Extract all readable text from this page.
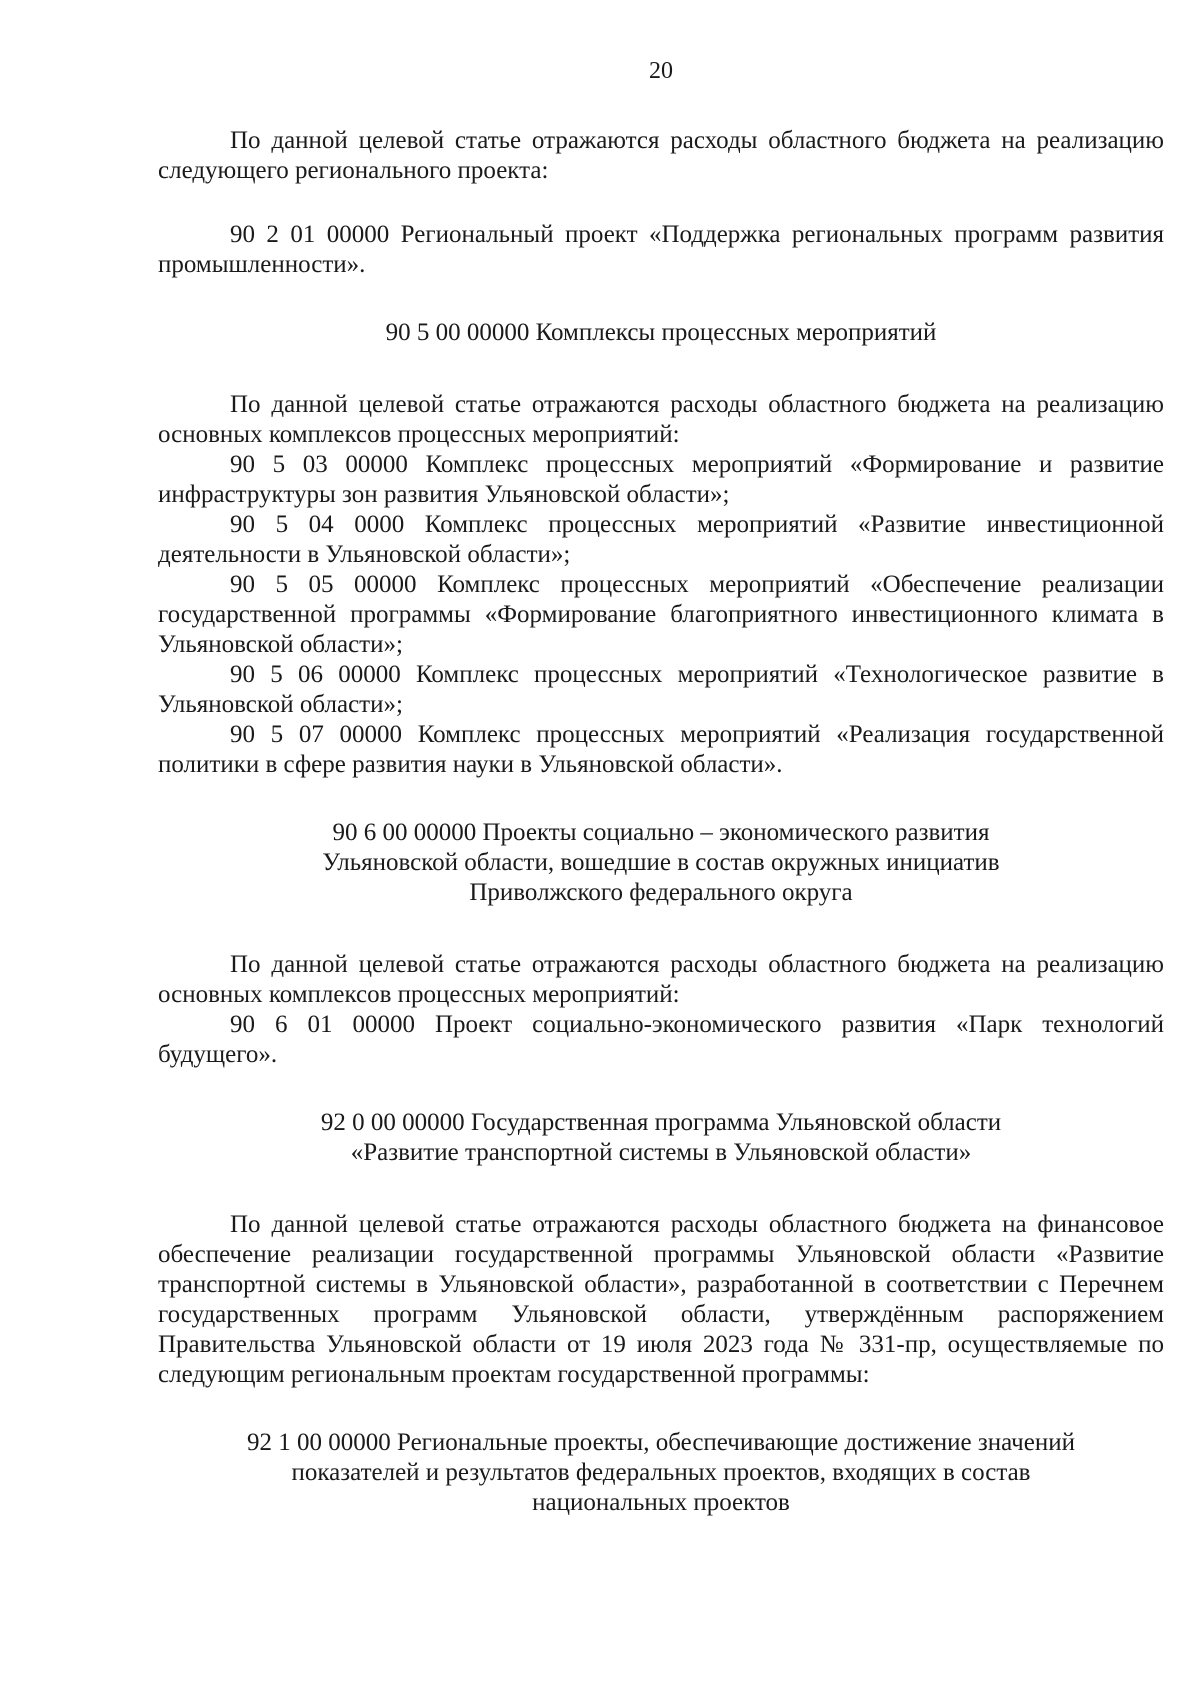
20

По данной целевой статье отражаются расходы областного бюджета на реализацию следующего регионального проекта:

90 2 01 00000 Региональный проект «Поддержка региональных программ развития промышленности».

90 5 00 00000 Комплексы процессных мероприятий

По данной целевой статье отражаются расходы областного бюджета на реализацию основных комплексов процессных мероприятий:

90 5 03 00000 Комплекс процессных мероприятий «Формирование и развитие инфраструктуры зон развития Ульяновской области»;

90 5 04 0000 Комплекс процессных мероприятий «Развитие инвестиционной деятельности в Ульяновской области»;

90 5 05 00000 Комплекс процессных мероприятий «Обеспечение реализации государственной программы «Формирование благоприятного инвестиционного климата в Ульяновской области»;

90 5 06 00000 Комплекс процессных мероприятий «Технологическое развитие в Ульяновской области»;

90 5 07 00000 Комплекс процессных мероприятий «Реализация государственной политики в сфере развития науки в Ульяновской области».

90 6 00 00000 Проекты социально – экономического развития

Ульяновской области, вошедшие в состав окружных инициатив

Приволжского федерального округа

По данной целевой статье отражаются расходы областного бюджета на реализацию основных комплексов процессных мероприятий:

90 6 01 00000 Проект социально-экономического развития «Парк технологий будущего».

92 0 00 00000 Государственная программа Ульяновской области

«Развитие транспортной системы в Ульяновской области»

По данной целевой статье отражаются расходы областного бюджета на финансовое обеспечение реализации государственной программы Ульяновской области «Развитие транспортной системы в Ульяновской области», разработанной в соответствии с Перечнем государственных программ Ульяновской области, утверждённым распоряжением Правительства Ульяновской области от 19 июля 2023 года № 331-пр, осуществляемые по следующим региональным проектам государственной программы:

92 1 00 00000 Региональные проекты, обеспечивающие достижение значений

показателей и результатов федеральных проектов, входящих в состав

национальных проектов
